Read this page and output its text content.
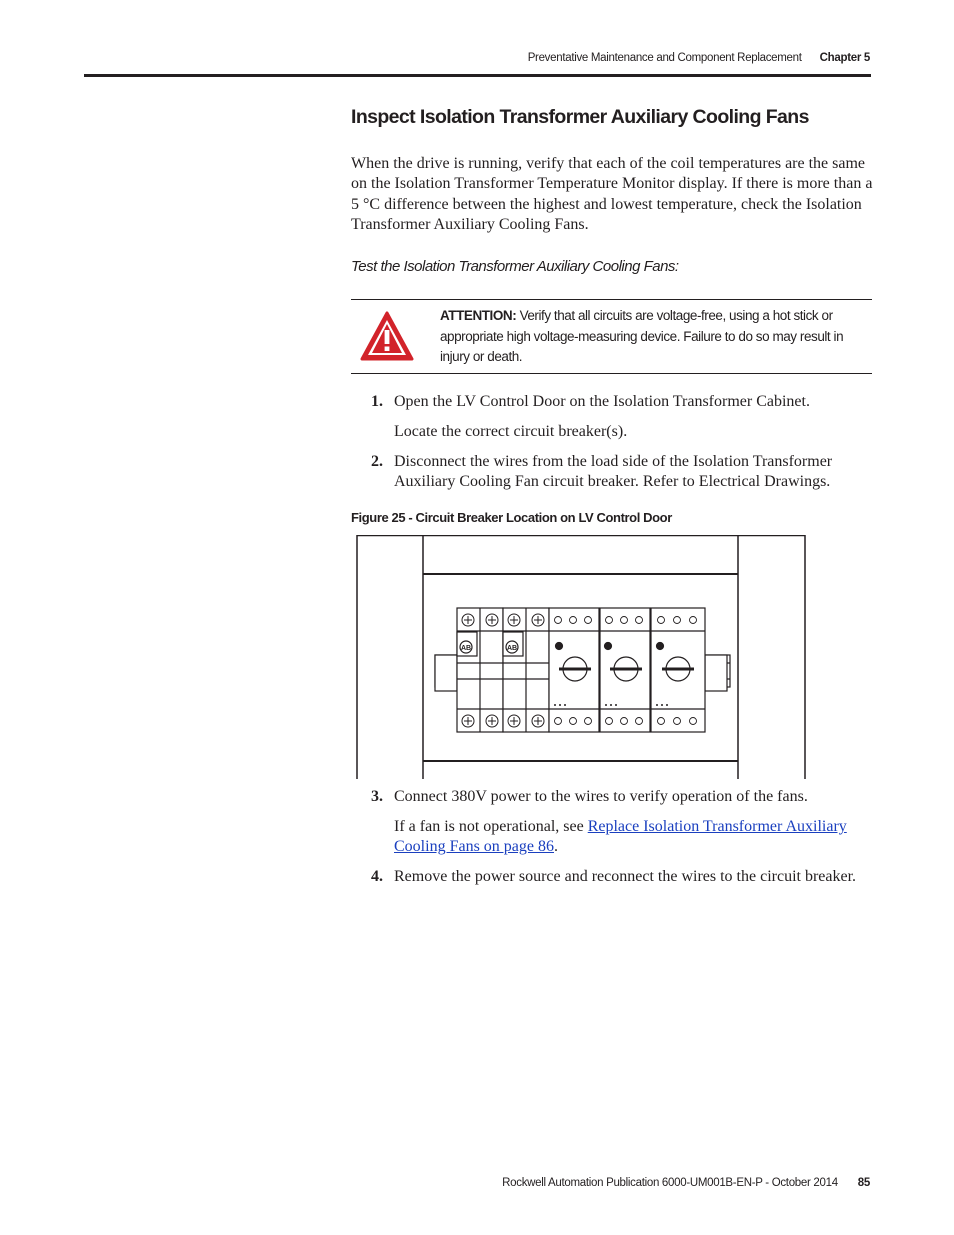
Preventative Maintenance and Component Replacement Chapter 5
Inspect Isolation Transformer Auxiliary Cooling Fans

When the drive is running, verify that each of the coil temperatures are the same on the Isolation Transformer Temperature Monitor display. If there is more than a 5 °C difference between the highest and lowest temperature, check the Isolation Transformer Auxiliary Cooling Fans.

Test the Isolation Transformer Auxiliary Cooling Fans:
ATTENTION: Verify that all circuits are voltage-free, using a hot stick or appropriate high voltage-measuring device. Failure to do so may result in injury or death.
1. Open the LV Control Door on the Isolation Transformer Cabinet.
Locate the correct circuit breaker(s).
2. Disconnect the wires from the load side of the Isolation Transformer Auxiliary Cooling Fan circuit breaker. Refer to Electrical Drawings.
Figure 25 - Circuit Breaker Location on LV Control Door
AB	AB
3. Connect 380V power to the wires to verify operation of the fans.
If a fan is not operational, see Replace Isolation Transformer Auxiliary Cooling Fans on page 86.
4. Remove the power source and reconnect the wires to the circuit breaker.
Rockwell Automation Publication 6000-UM001B-EN-P - October 2014 85
